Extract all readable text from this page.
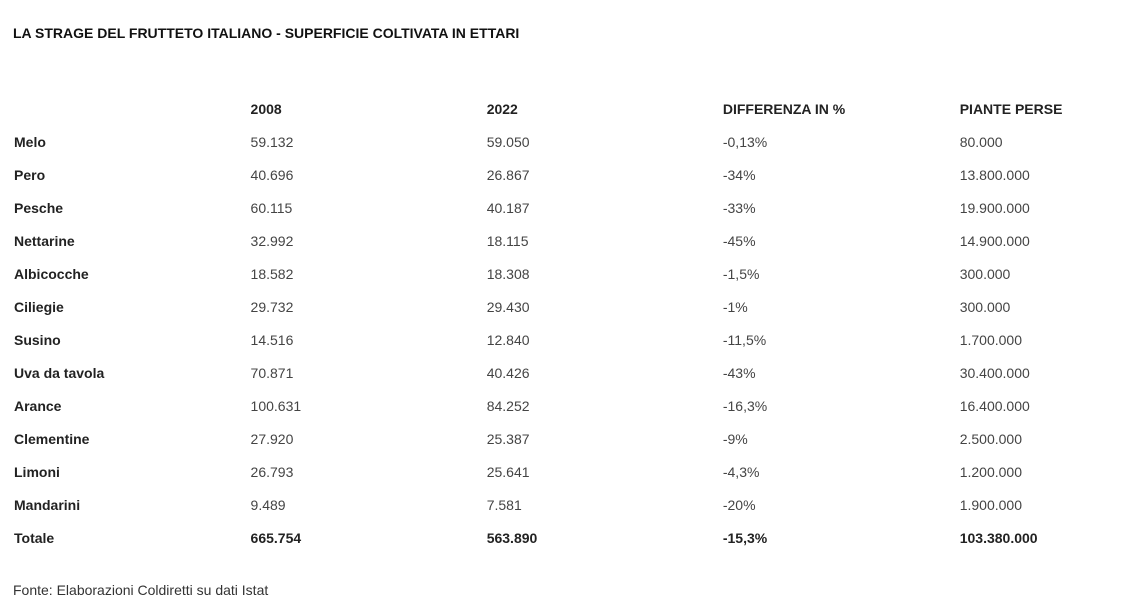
LA STRAGE DEL FRUTTETO ITALIANO - SUPERFICIE COLTIVATA IN ETTARI
	2008	2022	DIFFERENZA IN %	PIANTE PERSE
Melo	59.132	59.050	-0,13%	80.000
Pero	40.696	26.867	-34%	13.800.000
Pesche	60.115	40.187	-33%	19.900.000
Nettarine	32.992	18.115	-45%	14.900.000
Albicocche	18.582	18.308	-1,5%	300.000
Ciliegie	29.732	29.430	-1%	300.000
Susino	14.516	12.840	-11,5%	1.700.000
Uva da tavola	70.871	40.426	-43%	30.400.000
Arance	100.631	84.252	-16,3%	16.400.000
Clementine	27.920	25.387	-9%	2.500.000
Limoni	26.793	25.641	-4,3%	1.200.000
Mandarini	9.489	7.581	-20%	1.900.000
Totale	665.754	563.890	-15,3%	103.380.000
Fonte: Elaborazioni Coldiretti su dati Istat
